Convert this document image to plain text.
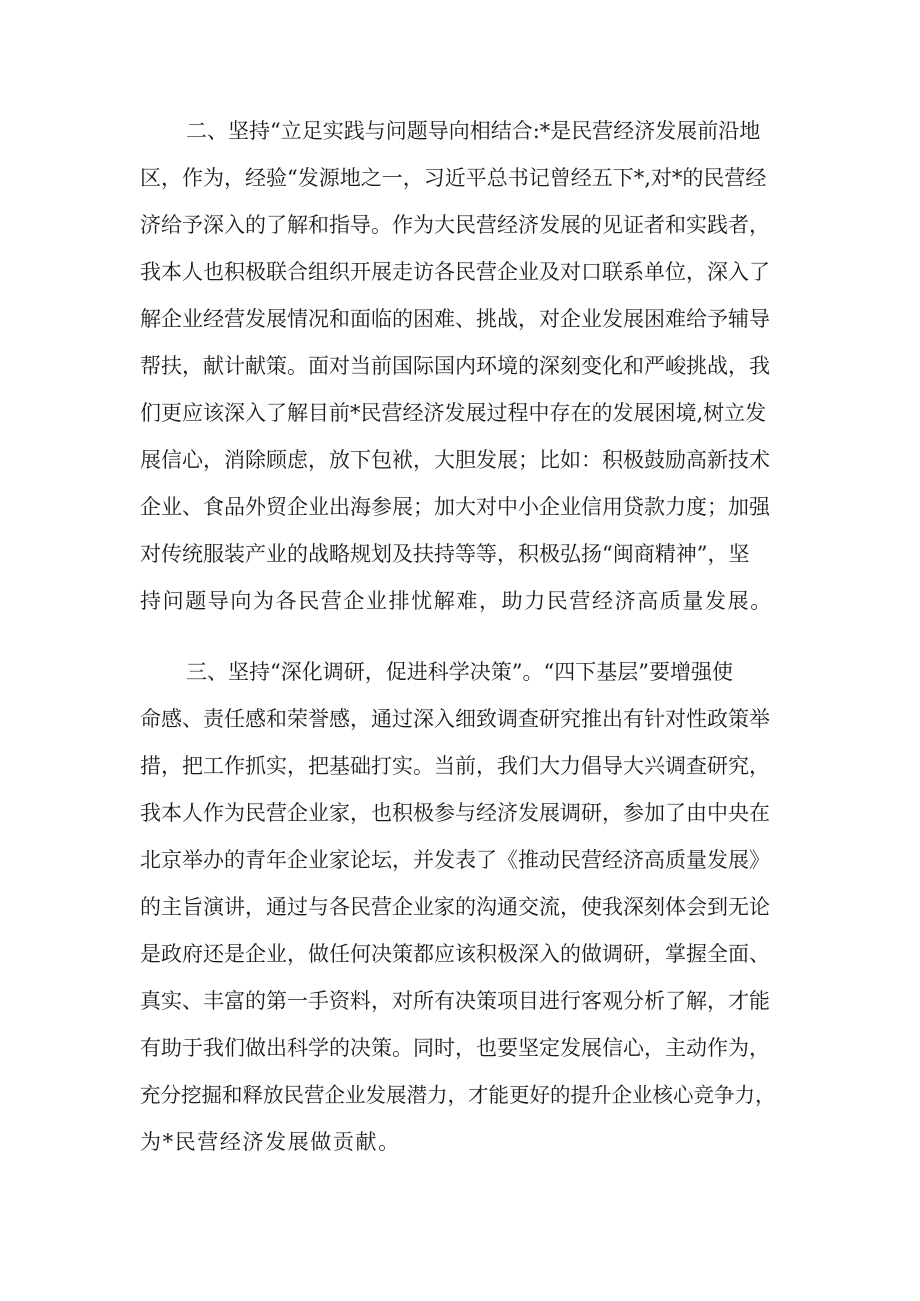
二、坚持“立足实践与问题导向相结合:*是民营经济发展前沿地
区，作为，经验“发源地之一，习近平总书记曾经五下*,对*的民营经
济给予深入的了解和指导。作为大民营经济发展的见证者和实践者，
我本人也积极联合组织开展走访各民营企业及对口联系单位，深入了
解企业经营发展情况和面临的困难、挑战，对企业发展困难给予辅导
帮扶，献计献策。面对当前国际国内环境的深刻变化和严峻挑战，我
们更应该深入了解目前*民营经济发展过程中存在的发展困境,树立发
展信心，消除顾虑，放下包袱，大胆发展；比如：积极鼓励高新技术
企业、食品外贸企业出海参展；加大对中小企业信用贷款力度；加强
对传统服装产业的战略规划及扶持等等，积极弘扬“闽商精神”，坚
持问题导向为各民营企业排忧解难，助力民营经济高质量发展。
三、坚持“深化调研，促进科学决策”。“四下基层”要增强使
命感、责任感和荣誉感，通过深入细致调查研究推出有针对性政策举
措，把工作抓实，把基础打实。当前，我们大力倡导大兴调查研究，
我本人作为民营企业家，也积极参与经济发展调研，参加了由中央在
北京举办的青年企业家论坛，并发表了《推动民营经济高质量发展》
的主旨演讲，通过与各民营企业家的沟通交流，使我深刻体会到无论
是政府还是企业，做任何决策都应该积极深入的做调研，掌握全面、
真实、丰富的第一手资料，对所有决策项目进行客观分析了解，才能
有助于我们做出科学的决策。同时，也要坚定发展信心，主动作为，
充分挖掘和释放民营企业发展潜力，才能更好的提升企业核心竞争力，
为*民营经济发展做贡献。
